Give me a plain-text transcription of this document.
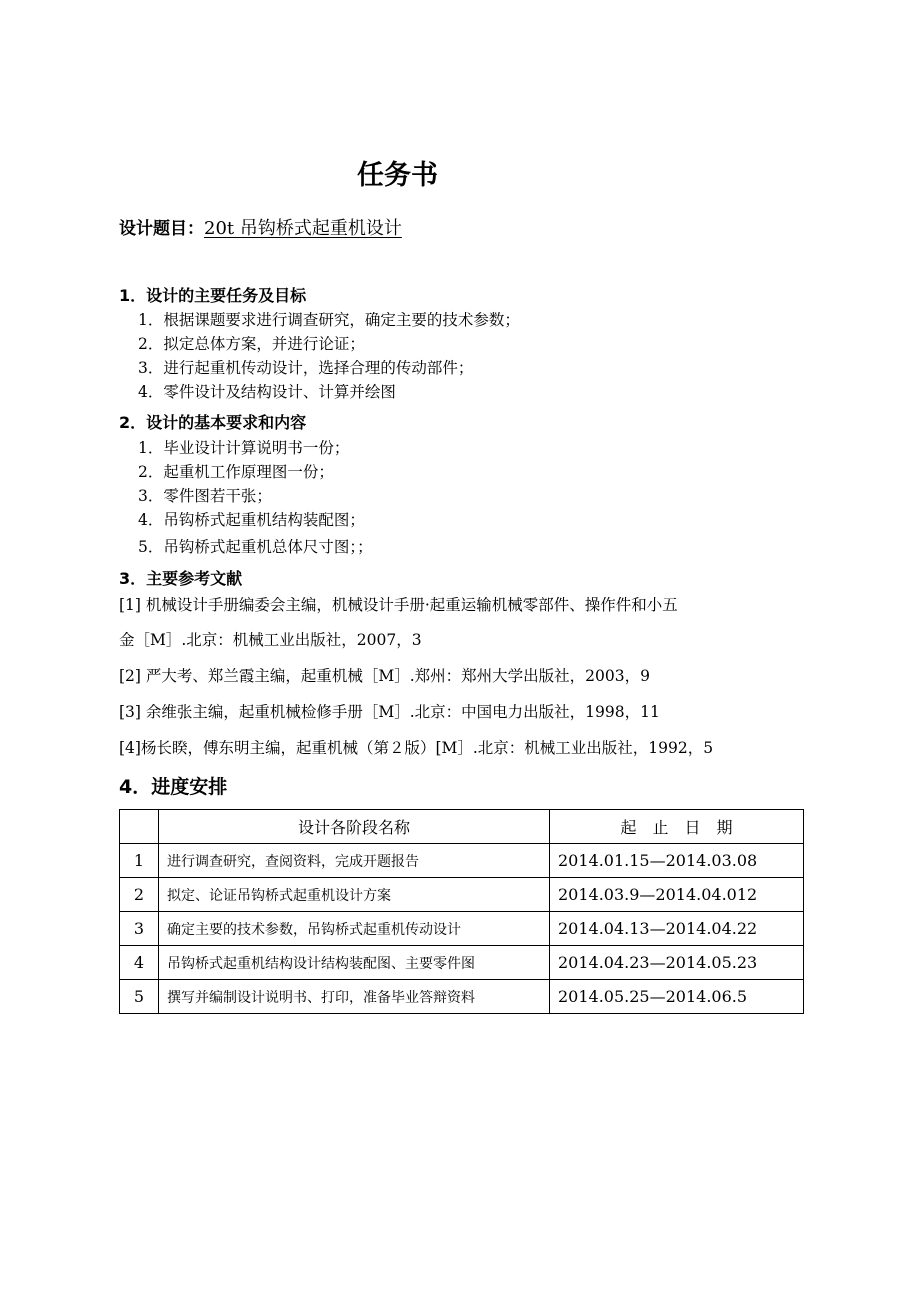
任务书
设计题目：20t 吊钩桥式起重机设计
1．设计的主要任务及目标
1．根据课题要求进行调查研究，确定主要的技术参数；
2．拟定总体方案，并进行论证；
3．进行起重机传动设计，选择合理的传动部件；
4．零件设计及结构设计、计算并绘图
2．设计的基本要求和内容
1．毕业设计计算说明书一份；
2．起重机工作原理图一份；
3．零件图若干张；
4．吊钩桥式起重机结构装配图；
5．吊钩桥式起重机总体尺寸图；；
3．主要参考文献
[1] 机械设计手册编委会主编，机械设计手册·起重运输机械零部件、操作件和小五
金［M］.北京：机械工业出版社，2007，3
[2] 严大考、郑兰霞主编，起重机械［M］.郑州：郑州大学出版社，2003，9
[3] 余维张主编，起重机械检修手册［M］.北京：中国电力出版社，1998，11
[4]杨长睽，傅东明主编，起重机械（第２版）[M］.北京：机械工业出版社，1992，5
4．进度安排
	设计各阶段名称	起　止　日　期
1	进行调查研究，查阅资料，完成开题报告	2014.01.15—2014.03.08
2	拟定、论证吊钩桥式起重机设计方案	2014.03.9—2014.04.012
3	确定主要的技术参数，吊钩桥式起重机传动设计	2014.04.13—2014.04.22
4	吊钩桥式起重机结构设计结构装配图、主要零件图	2014.04.23—2014.05.23
5	撰写并编制设计说明书、打印，准备毕业答辩资料	2014.05.25—2014.06.5
